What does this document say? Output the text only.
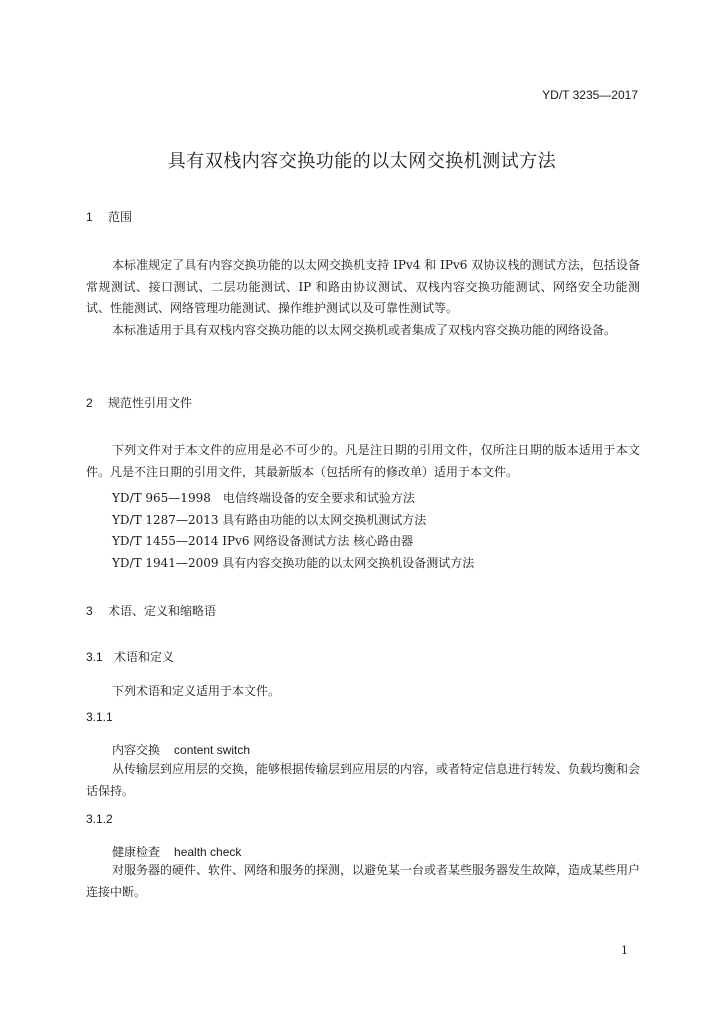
YD/T 3235—2017
具有双栈内容交换功能的以太网交换机测试方法
1 范围

本标准规定了具有内容交换功能的以太网交换机支持 IPv4 和 IPv6 双协议栈的测试方法，包括设备常规测试、接口测试、二层功能测试、IP 和路由协议测试、双栈内容交换功能测试、网络安全功能测试、性能测试、网络管理功能测试、操作维护测试以及可靠性测试等。

本标准适用于具有双栈内容交换功能的以太网交换机或者集成了双栈内容交换功能的网络设备。

2 规范性引用文件

下列文件对于本文件的应用是必不可少的。凡是注日期的引用文件，仅所注日期的版本适用于本文件。凡是不注日期的引用文件，其最新版本（包括所有的修改单）适用于本文件。

YD/T 965—1998　电信终端设备的安全要求和试验方法
YD/T 1287—2013 具有路由功能的以太网交换机测试方法
YD/T 1455—2014 IPv6 网络设备测试方法 核心路由器
YD/T 1941—2009 具有内容交换功能的以太网交换机设备测试方法
3 术语、定义和缩略语
3.1 术语和定义
下列术语和定义适用于本文件。
3.1.1
内容交换 content switch

从传输层到应用层的交换，能够根据传输层到应用层的内容，或者特定信息进行转发、负载均衡和会话保持。

3.1.2
健康检查 health check

对服务器的硬件、软件、网络和服务的探测，以避免某一台或者某些服务器发生故障，造成某些用户连接中断。

1
